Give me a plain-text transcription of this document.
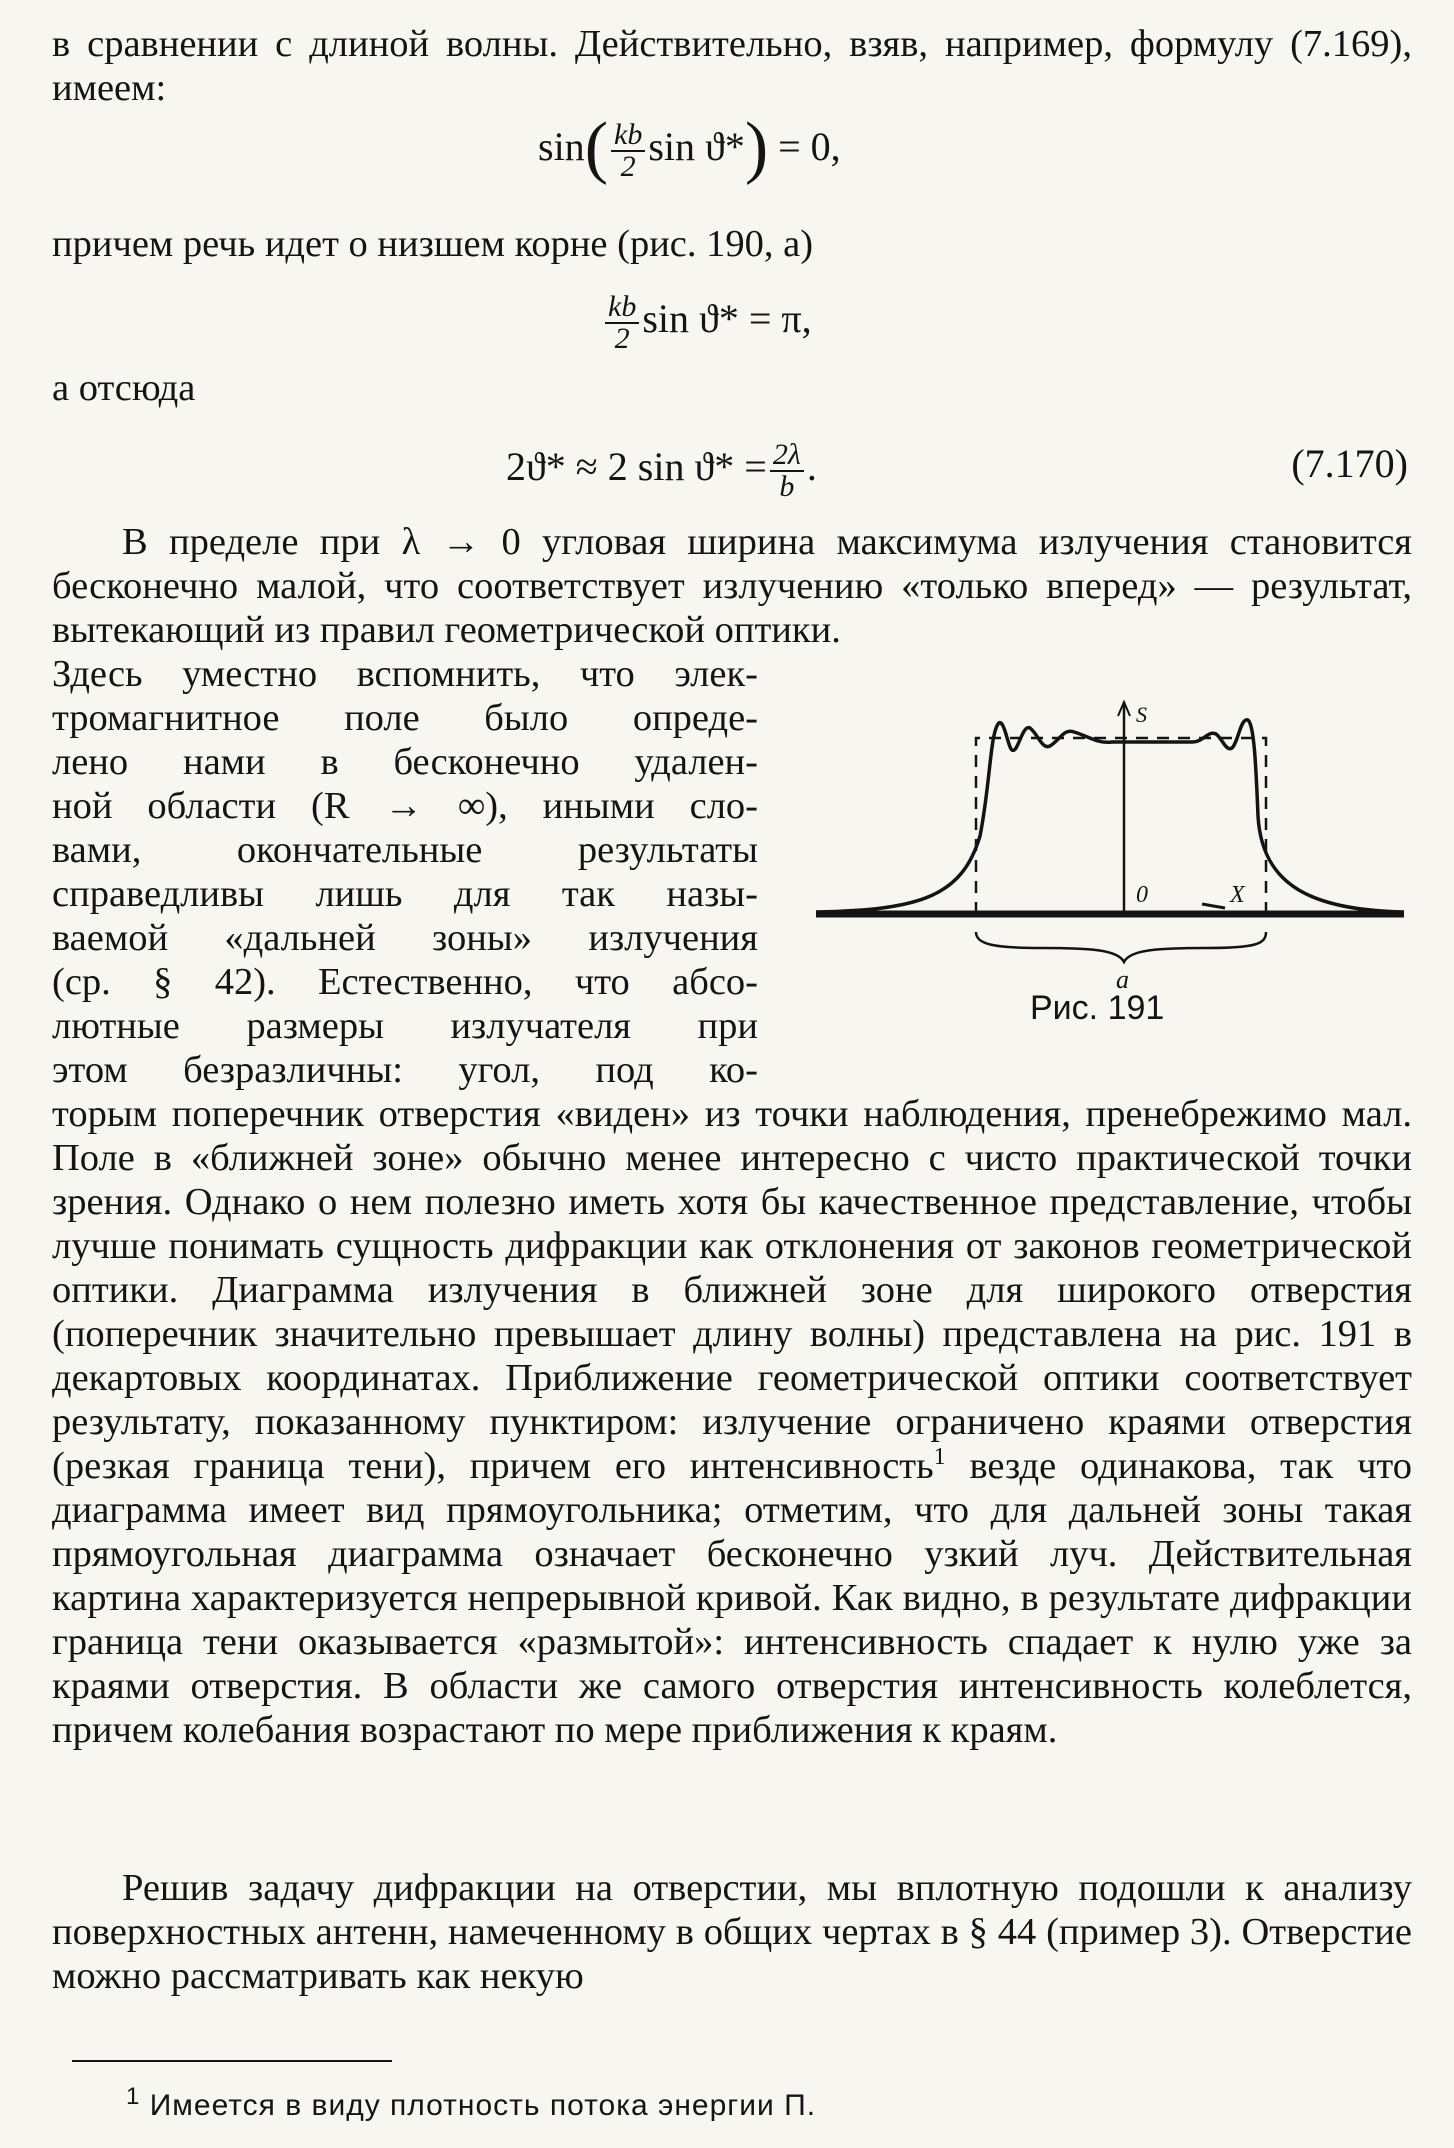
в сравнении с длиной волны. Действительно, взяв, например, формулу (7.169), имеем:

$\sin( \frac{kb}{2}$ sin ϑ*) = 0,

причем речь идет о низшем корне (рис. 190, а)

$\frac{kb}{2}$ sin ϑ* = π,

а отсюда

2ϑ* ≈ 2 $\sin ϑ* = \frac{2\lambda}{b}$ .	(7.170)

В пределе при λ → 0 угловая ширина максимума излучения становится бесконечно малой, что соответствует излучению «только вперед» — результат, вытекающий из правил геометрической оптики.

Здесь уместно вспомнить, что элек-
тромагнитное поле было опреде-
лено нами в бесконечно удален-
ной области (R → ∞), иными сло-
вами, окончательные результаты
справедливы лишь для так назы-
ваемой «дальней зоны» излучения
(ср. § 42). Естественно, что абсо-
лютные размеры излучателя при
этом безразличны: угол, под ко-
S
0	X
a
Рис. 191

торым поперечник отверстия «виден» из точки наблюдения, пренебрежимо мал. Поле в «ближней зоне» обычно менее интересно с чисто практической точки зрения. Однако о нем полезно иметь хотя бы качественное представление, чтобы лучше понимать сущность дифракции как отклонения от законов геометрической оптики. Диаграмма излучения в ближней зоне для широкого отверстия (поперечник значительно превышает длину волны) представлена на рис. 191 в декартовых координатах. Приближение геометрической оптики соответствует результату, показанному пунктиром: излучение ограничено краями отверстия (резкая граница тени), причем его интенсивность$^1$ везде одинакова, так что диаграмма имеет вид прямоугольника; отметим, что для дальней зоны такая прямоугольная диаграмма означает бесконечно узкий луч. Действительная картина характеризуется непрерывной кривой. Как видно, в результате дифракции граница тени оказывается «размытой»: интенсивность спадает к нулю уже за краями отверстия. В области же самого отверстия интенсивность колеблется, причем колебания возрастают по мере приближения к краям.

Решив задачу дифракции на отверстии, мы вплотную подошли к анализу поверхностных антенн, намеченному в общих чертах в § 44 (пример 3). Отверстие можно рассматривать как некую

$^1$ Имеется в виду плотность потока энергии Π.
